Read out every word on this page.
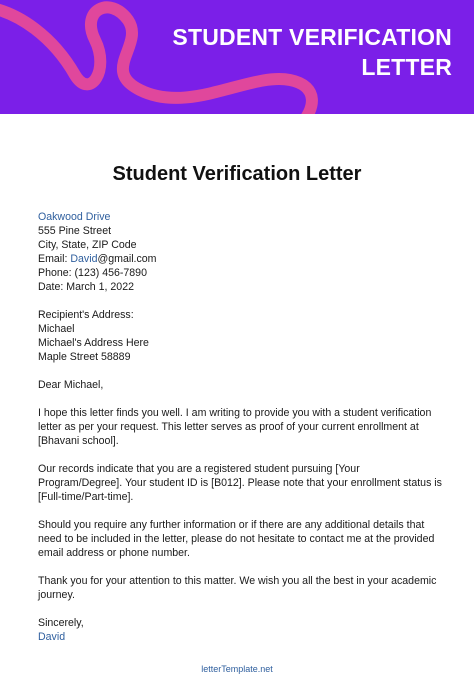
STUDENT VERIFICATION
LETTER
Student Verification Letter

Oakwood Drive

555 Pine Street

City, State, ZIP Code

Email: David@gmail.com

Phone: (123) 456-7890

Date: March 1, 2022

Recipient's Address:

Michael

Michael's Address Here

Maple Street 58889

Dear Michael,

I hope this letter finds you well. I am writing to provide you with a student verification letter as per your request. This letter serves as proof of your current enrollment at [Bhavani school].

Our records indicate that you are a registered student pursuing [Your Program/Degree]. Your student ID is [B012]. Please note that your enrollment status is [Full-time/Part-time].

Should you require any further information or if there are any additional details that need to be included in the letter, please do not hesitate to contact me at the provided email address or phone number.

Thank you for your attention to this matter. We wish you all the best in your academic journey.

Sincerely,

David

letterTemplate.net
